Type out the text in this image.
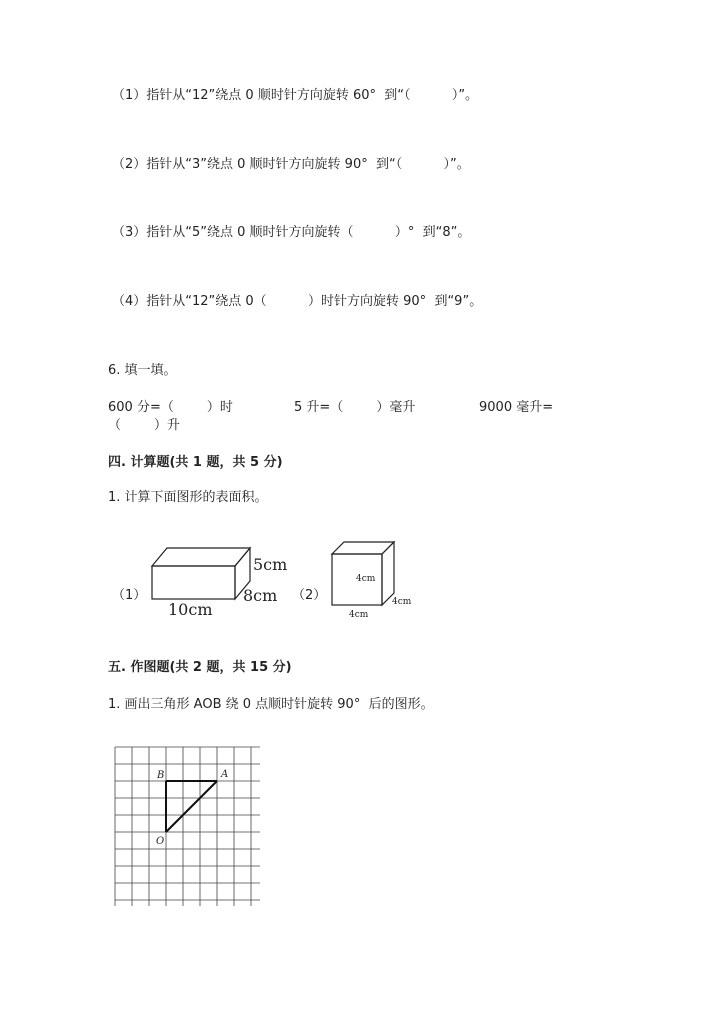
（1）指针从“12”绕点 0 顺时针方向旋转 60°  到“（          ）”。
（2）指针从“3”绕点 0 顺时针方向旋转 90°  到“（          ）”。
（3）指针从“5”绕点 0 顺时针方向旋转（          ）°  到“8”。
（4）指针从“12”绕点 0（          ）时针方向旋转 90°  到“9”。
6. 填一填。
600 分=（        ）时	5 升=（        ）毫升	9000 毫升=
（        ）升
四. 计算题(共 1 题，共 5 分)
1. 计算下面图形的表面积。
（1）
5cm
8cm
10cm
（2）
4cm
4cm
4cm
五. 作图题(共 2 题，共 15 分)
1. 画出三角形 AOB 绕 0 点顺时针旋转 90°  后的图形。
B	A
O
